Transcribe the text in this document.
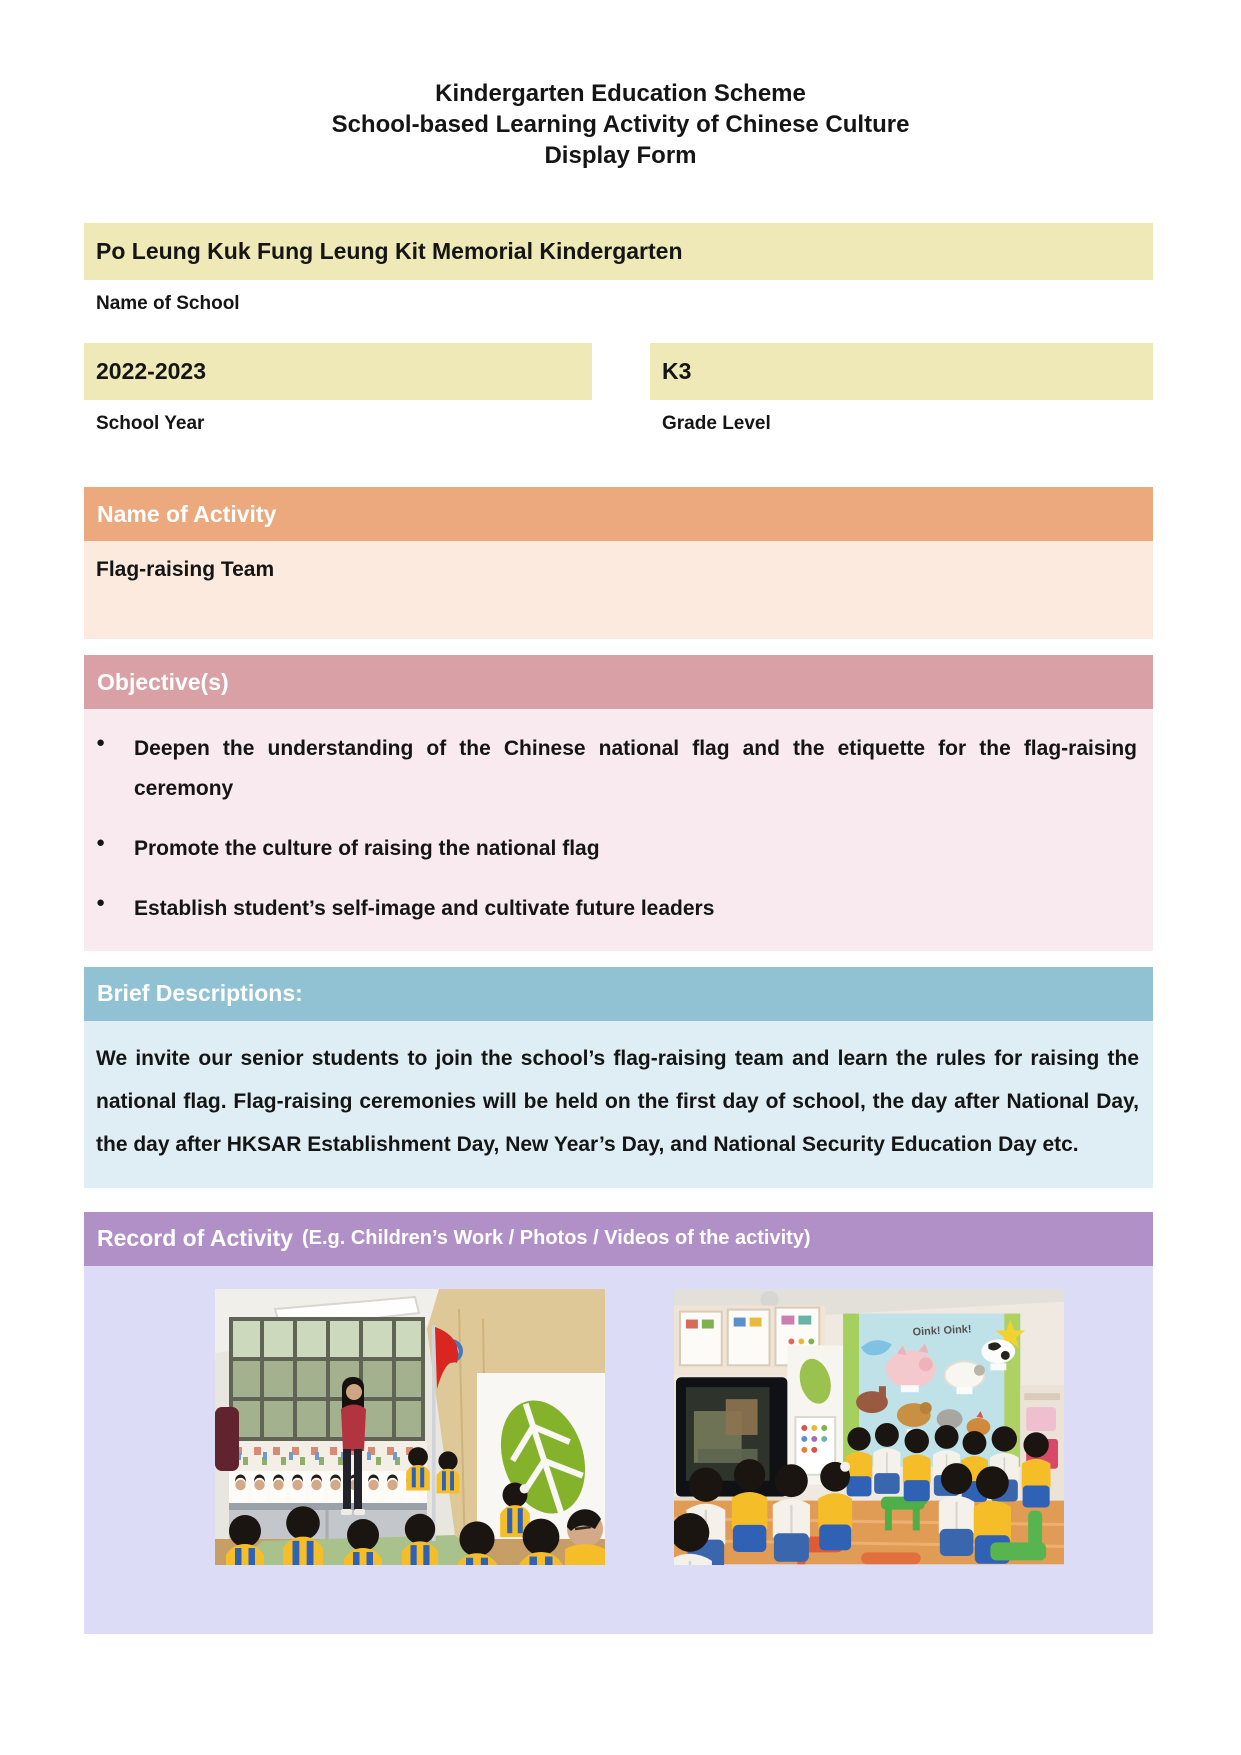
Kindergarten Education Scheme
School-based Learning Activity of Chinese Culture
Display Form
Po Leung Kuk Fung Leung Kit Memorial Kindergarten
Name of School
2022-2023	K3
School Year	Grade Level
Name of Activity
Flag-raising Team
Objective(s)
●	Deepen the understanding of the Chinese national flag and the etiquette for the flag-raising ceremony
●	Promote the culture of raising the national flag
●	Establish student’s self-image and cultivate future leaders
Brief Descriptions:
We invite our senior students to join the school’s flag-raising team and learn the rules for raising the national flag. Flag-raising ceremonies will be held on the first day of school, the day after National Day, the day after HKSAR Establishment Day, New Year’s Day, and National Security Education Day etc.
Record of Activity (E.g. Children’s Work / Photos / Videos of the activity)
Oink! Oink!
